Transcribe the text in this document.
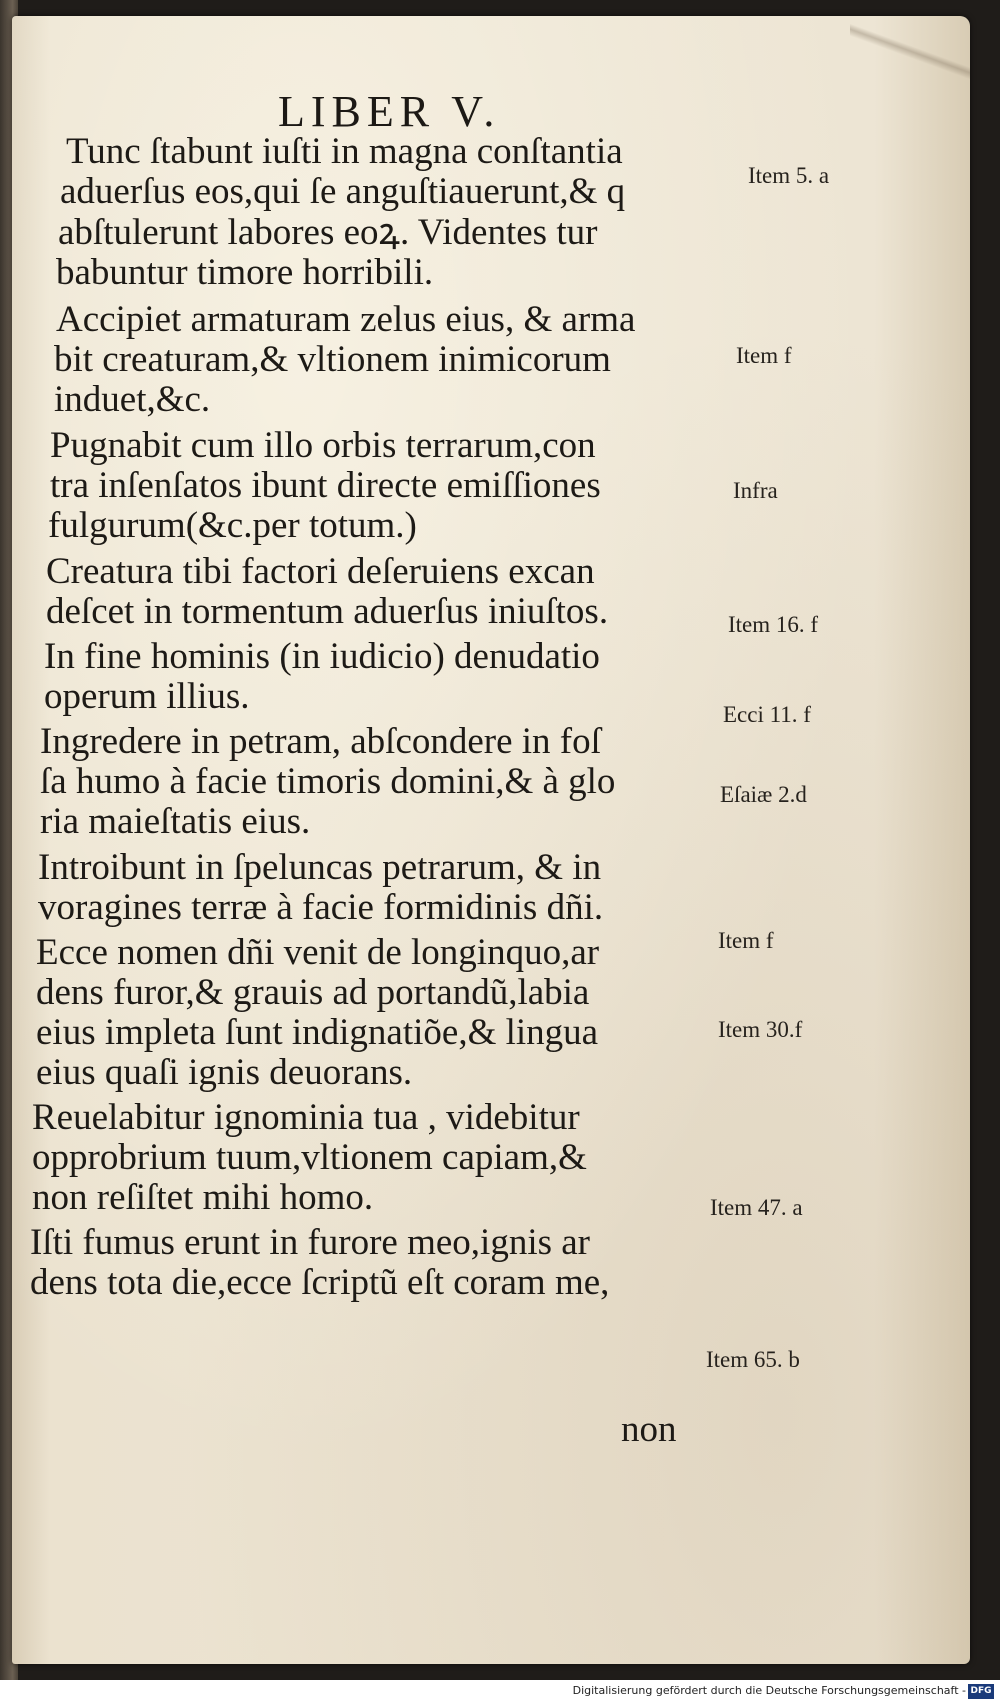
LIBER V.
Tunc ſtabunt iuſti in magna conſtantia
aduerſus eos,qui ſe anguſtiauerunt,& q
abſtulerunt labores eoꝝ. Videntes tur
babuntur timore horribili.
Accipiet armaturam zelus eius, & arma
bit creaturam,& vltionem inimicorum
induet,&c.
Pugnabit cum illo orbis terrarum,con
tra inſenſatos ibunt directe emiſſiones
fulgurum(&c.per totum.)
Creatura tibi factori deſeruiens excan
deſcet in tormentum aduerſus iniuſtos.
In fine hominis (in iudicio) denudatio
operum illius.
Ingredere in petram, abſcondere in foſ
ſa humo à facie timoris domini,& à glo
ria maieſtatis eius.
Introibunt in ſpeluncas petrarum, & in
voragines terræ à facie formidinis dñi.
Ecce nomen dñi venit de longinquo,ar
dens furor,& grauis ad portandũ,labia
eius impleta ſunt indignatiõe,& lingua
eius quaſi ignis deuorans.
Reuelabitur ignominia tua , videbitur
opprobrium tuum,vltionem capiam,&
non reſiſtet mihi homo.
Iſti fumus erunt in furore meo,ignis ar
dens tota die,ecce ſcriptũ eſt coram me,
Item 5. a
Item f
Infra
Item 16. f
Ecci 11. f
Eſaiæ 2.d
Item f
Item 30.f
Item 47. a
Item 65. b
non
Digitalisierung gefördert durch die Deutsche Forschungsgemeinschaft - DFG
